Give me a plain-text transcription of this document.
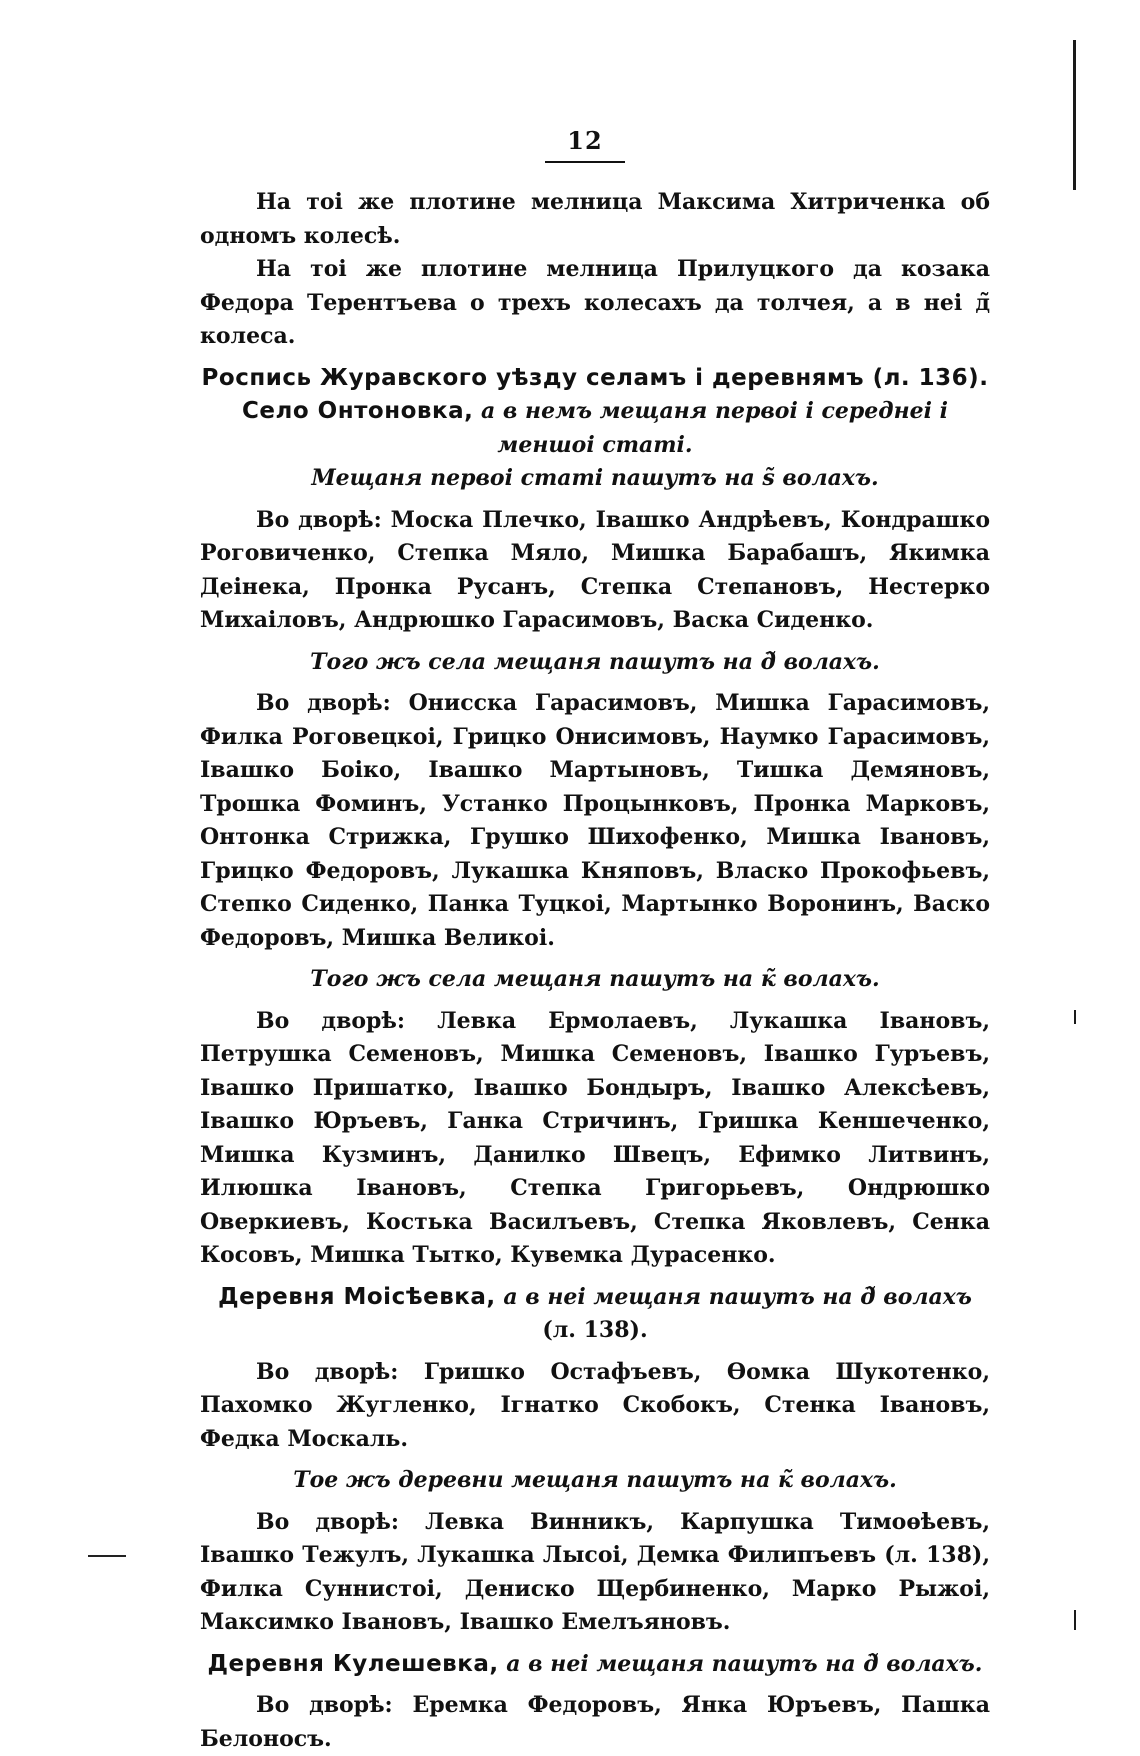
12

На тоі же плотине мелница Максима Хитриченка об одномъ колесѣ.

На тоі же плотине мелница Прилуцкого да козака Федора Терентъева о трехъ колесахъ да толчея, а в неі д̃ колеса.

Роспись Журавского уѣзду селамъ і деревнямъ (л. 136).

Село Онтоновка, а в немъ мещаня первоі і середнеі і меншоі статі.

Мещаня первоі статі пашутъ на ѕ̃ волахъ.

Во дворѣ: Моска Плечко, Івашко Андрѣевъ, Кондрашко Роговиченко, Степка Мяло, Мишка Барабашъ, Якимка Деінека, Пронка Русанъ, Степка Степановъ, Нестерко Михаіловъ, Андрюшко Гарасимовъ, Васка Сиденко.

Того жъ села мещаня пашутъ на д̃ волахъ.

Во дворѣ: Онисска Гарасимовъ, Мишка Гарасимовъ, Филка Роговецкоі, Грицко Онисимовъ, Наумко Гарасимовъ, Івашко Боіко, Івашко Мартыновъ, Тишка Демяновъ, Трошка Фоминъ, Устанко Процынковъ, Пронка Марковъ, Онтонка Стрижка, Грушко Шихофенко, Мишка Івановъ, Грицко Федоровъ, Лукашка Княповъ, Власко Прокофьевъ, Степко Сиденко, Панка Туцкоі, Мартынко Воронинъ, Васко Федоровъ, Мишка Великоі.

Того жъ села мещаня пашутъ на к̃ волахъ.

Во дворѣ: Левка Ермолаевъ, Лукашка Івановъ, Петрушка Семеновъ, Мишка Семеновъ, Івашко Гуръевъ, Івашко Пришатко, Івашко Бондыръ, Івашко Алексѣевъ, Івашко Юръевъ, Ганка Стричинъ, Гришка Кеншеченко, Мишка Кузминъ, Данилко Швецъ, Ефимко Литвинъ, Илюшка Івановъ, Степка Григорьевъ, Ондрюшко Оверкиевъ, Костька Василъевъ, Степка Яковлевъ, Сенка Косовъ, Мишка Тытко, Кувемка Дурасенко.

Деревня Моісѣевка, а в неі мещаня пашутъ на д̃ волахъ (л. 138).

Во дворѣ: Гришко Остафъевъ, Ѳомка Шукотенко, Пахомко Жугленко, Ігнатко Скобокъ, Стенка Івановъ, Федка Москаль.

Тое жъ деревни мещаня пашутъ на к̃ волахъ.

Во дворѣ: Левка Винникъ, Карпушка Тимоѳѣевъ, Івашко Тежулъ, Лукашка Лысоі, Демка Филипъевъ (л. 138), Филка Суннистоі, Дениско Щербиненко, Марко Рыжоі, Максимко Івановъ, Івашко Емелъяновъ.

Деревня Кулешевка, а в неі мещаня пашутъ на д̃ волахъ.

Во дворѣ: Еремка Федоровъ, Янка Юръевъ, Пашка Белоносъ.
